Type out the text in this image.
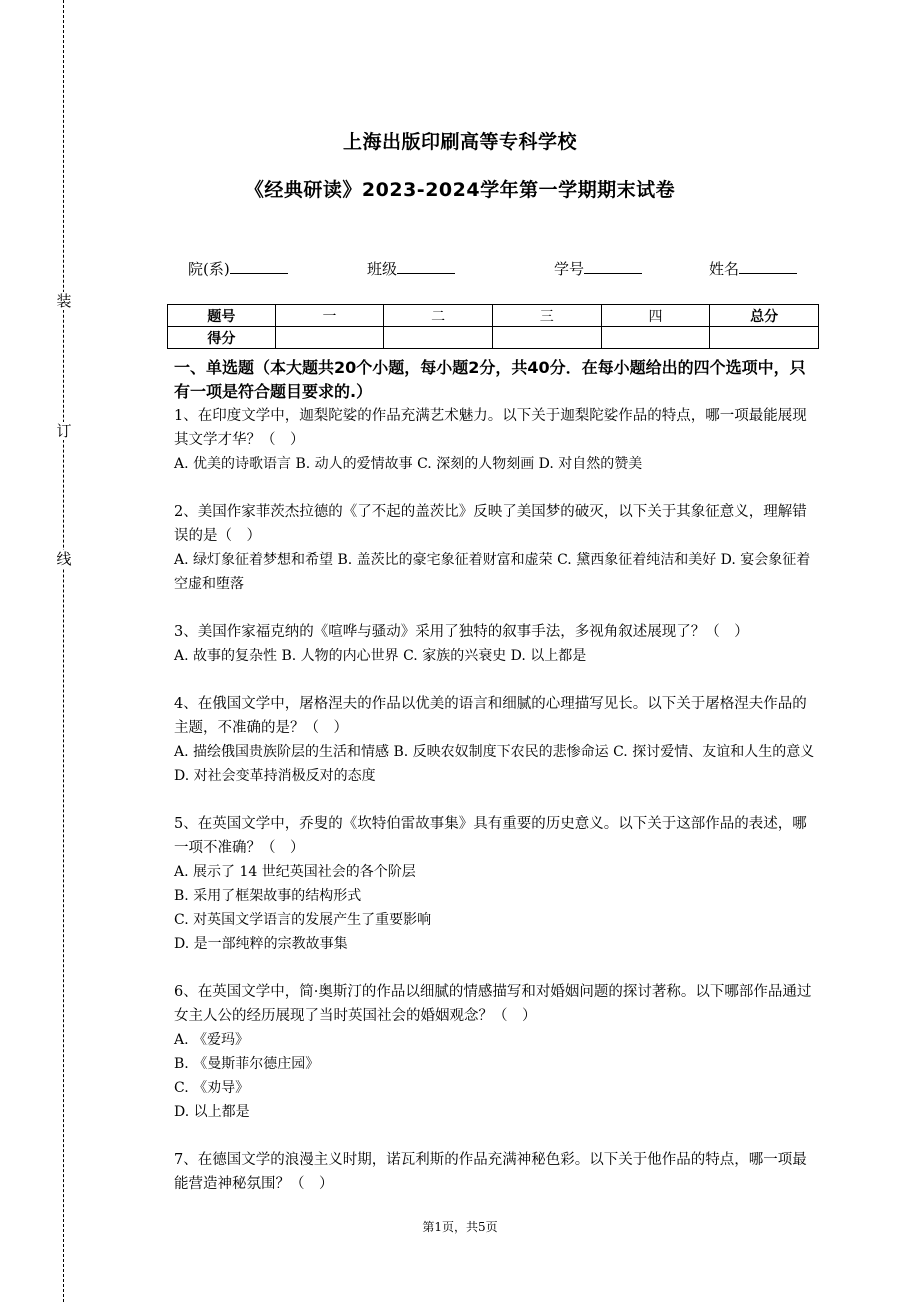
装
订
线
上海出版印刷高等专科学校
《经典研读》2023-2024学年第一学期期末试卷
院(系)	班级	学号	姓名
题号	一	二	三	四	总分
得分					

一、单选题（本大题共20个小题，每小题2分，共40分．在每小题给出的四个选项中，只有一项是符合题目要求的.）

1、在印度文学中，迦梨陀娑的作品充满艺术魅力。以下关于迦梨陀娑作品的特点，哪一项最能展现其文学才华？（　）

A. 优美的诗歌语言 B. 动人的爱情故事 C. 深刻的人物刻画 D. 对自然的赞美

2、美国作家菲茨杰拉德的《了不起的盖茨比》反映了美国梦的破灭，以下关于其象征意义，理解错误的是（　）

A. 绿灯象征着梦想和希望 B. 盖茨比的豪宅象征着财富和虚荣 C. 黛西象征着纯洁和美好 D. 宴会象征着空虚和堕落

3、美国作家福克纳的《喧哗与骚动》采用了独特的叙事手法，多视角叙述展现了？（　）

A. 故事的复杂性 B. 人物的内心世界 C. 家族的兴衰史 D. 以上都是

4、在俄国文学中，屠格涅夫的作品以优美的语言和细腻的心理描写见长。以下关于屠格涅夫作品的主题，不准确的是？（　）

A. 描绘俄国贵族阶层的生活和情感 B. 反映农奴制度下农民的悲惨命运 C. 探讨爱情、友谊和人生的意义 D. 对社会变革持消极反对的态度

5、在英国文学中，乔叟的《坎特伯雷故事集》具有重要的历史意义。以下关于这部作品的表述，哪一项不准确？（　）

A. 展示了 14 世纪英国社会的各个阶层

B. 采用了框架故事的结构形式

C. 对英国文学语言的发展产生了重要影响

D. 是一部纯粹的宗教故事集

6、在英国文学中，简·奥斯汀的作品以细腻的情感描写和对婚姻问题的探讨著称。以下哪部作品通过女主人公的经历展现了当时英国社会的婚姻观念？（　）

A. 《爱玛》

B. 《曼斯菲尔德庄园》

C. 《劝导》

D. 以上都是

7、在德国文学的浪漫主义时期，诺瓦利斯的作品充满神秘色彩。以下关于他作品的特点，哪一项最能营造神秘氛围？（　）

第1页，共5页
